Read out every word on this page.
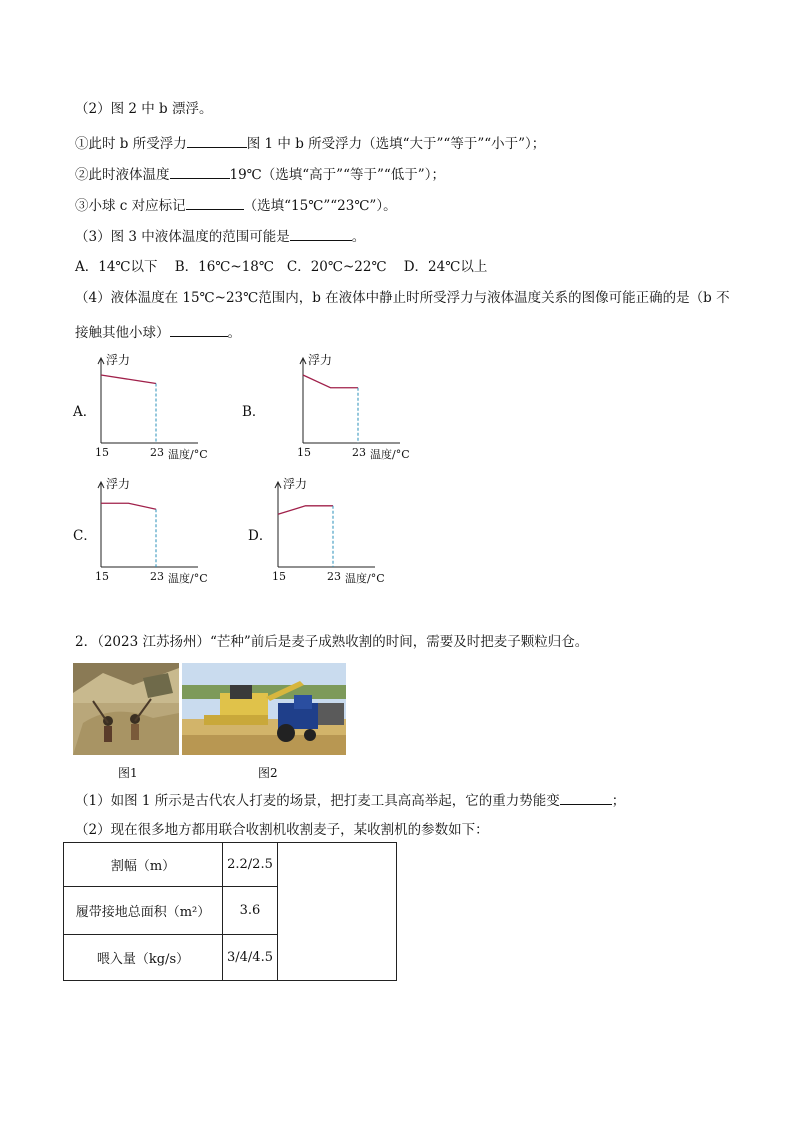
（2）图 2 中 b 漂浮。
①此时 b 所受浮力	图 1 中 b 所受浮力（选填“大于”“等于”“小于”）；
②此时液体温度	19℃（选填“高于”“等于”“低于”）；
③小球 c 对应标记	（选填“15℃”“23℃”）。
（3）图 3 中液体温度的范围可能是	。
A．14℃以下    B．16℃~18℃   C．20℃~22℃    D．24℃以上
（4）液体温度在 15℃~23℃范围内，b 在液体中静止时所受浮力与液体温度关系的图像可能正确的是（b 不
接触其他小球）	。
A．
浮力
15	23 温度/°C
B．
浮力
15	23 温度/°C
C．
浮力
15	23 温度/°C
D．
浮力
15	23 温度/°C
2．（2023 江苏扬州）“芒种”前后是麦子成熟收割的时间，需要及时把麦子颗粒归仓。
图1	图2
（1）如图 1 所示是古代农人打麦的场景，把打麦工具高高举起，它的重力势能变	；
（2）现在很多地方都用联合收割机收割麦子，某收割机的参数如下：
割幅（m）	2.2/2.5	
履带接地总面积（m²）	3.6	
喂入量（kg/s）	3/4/4.5	
